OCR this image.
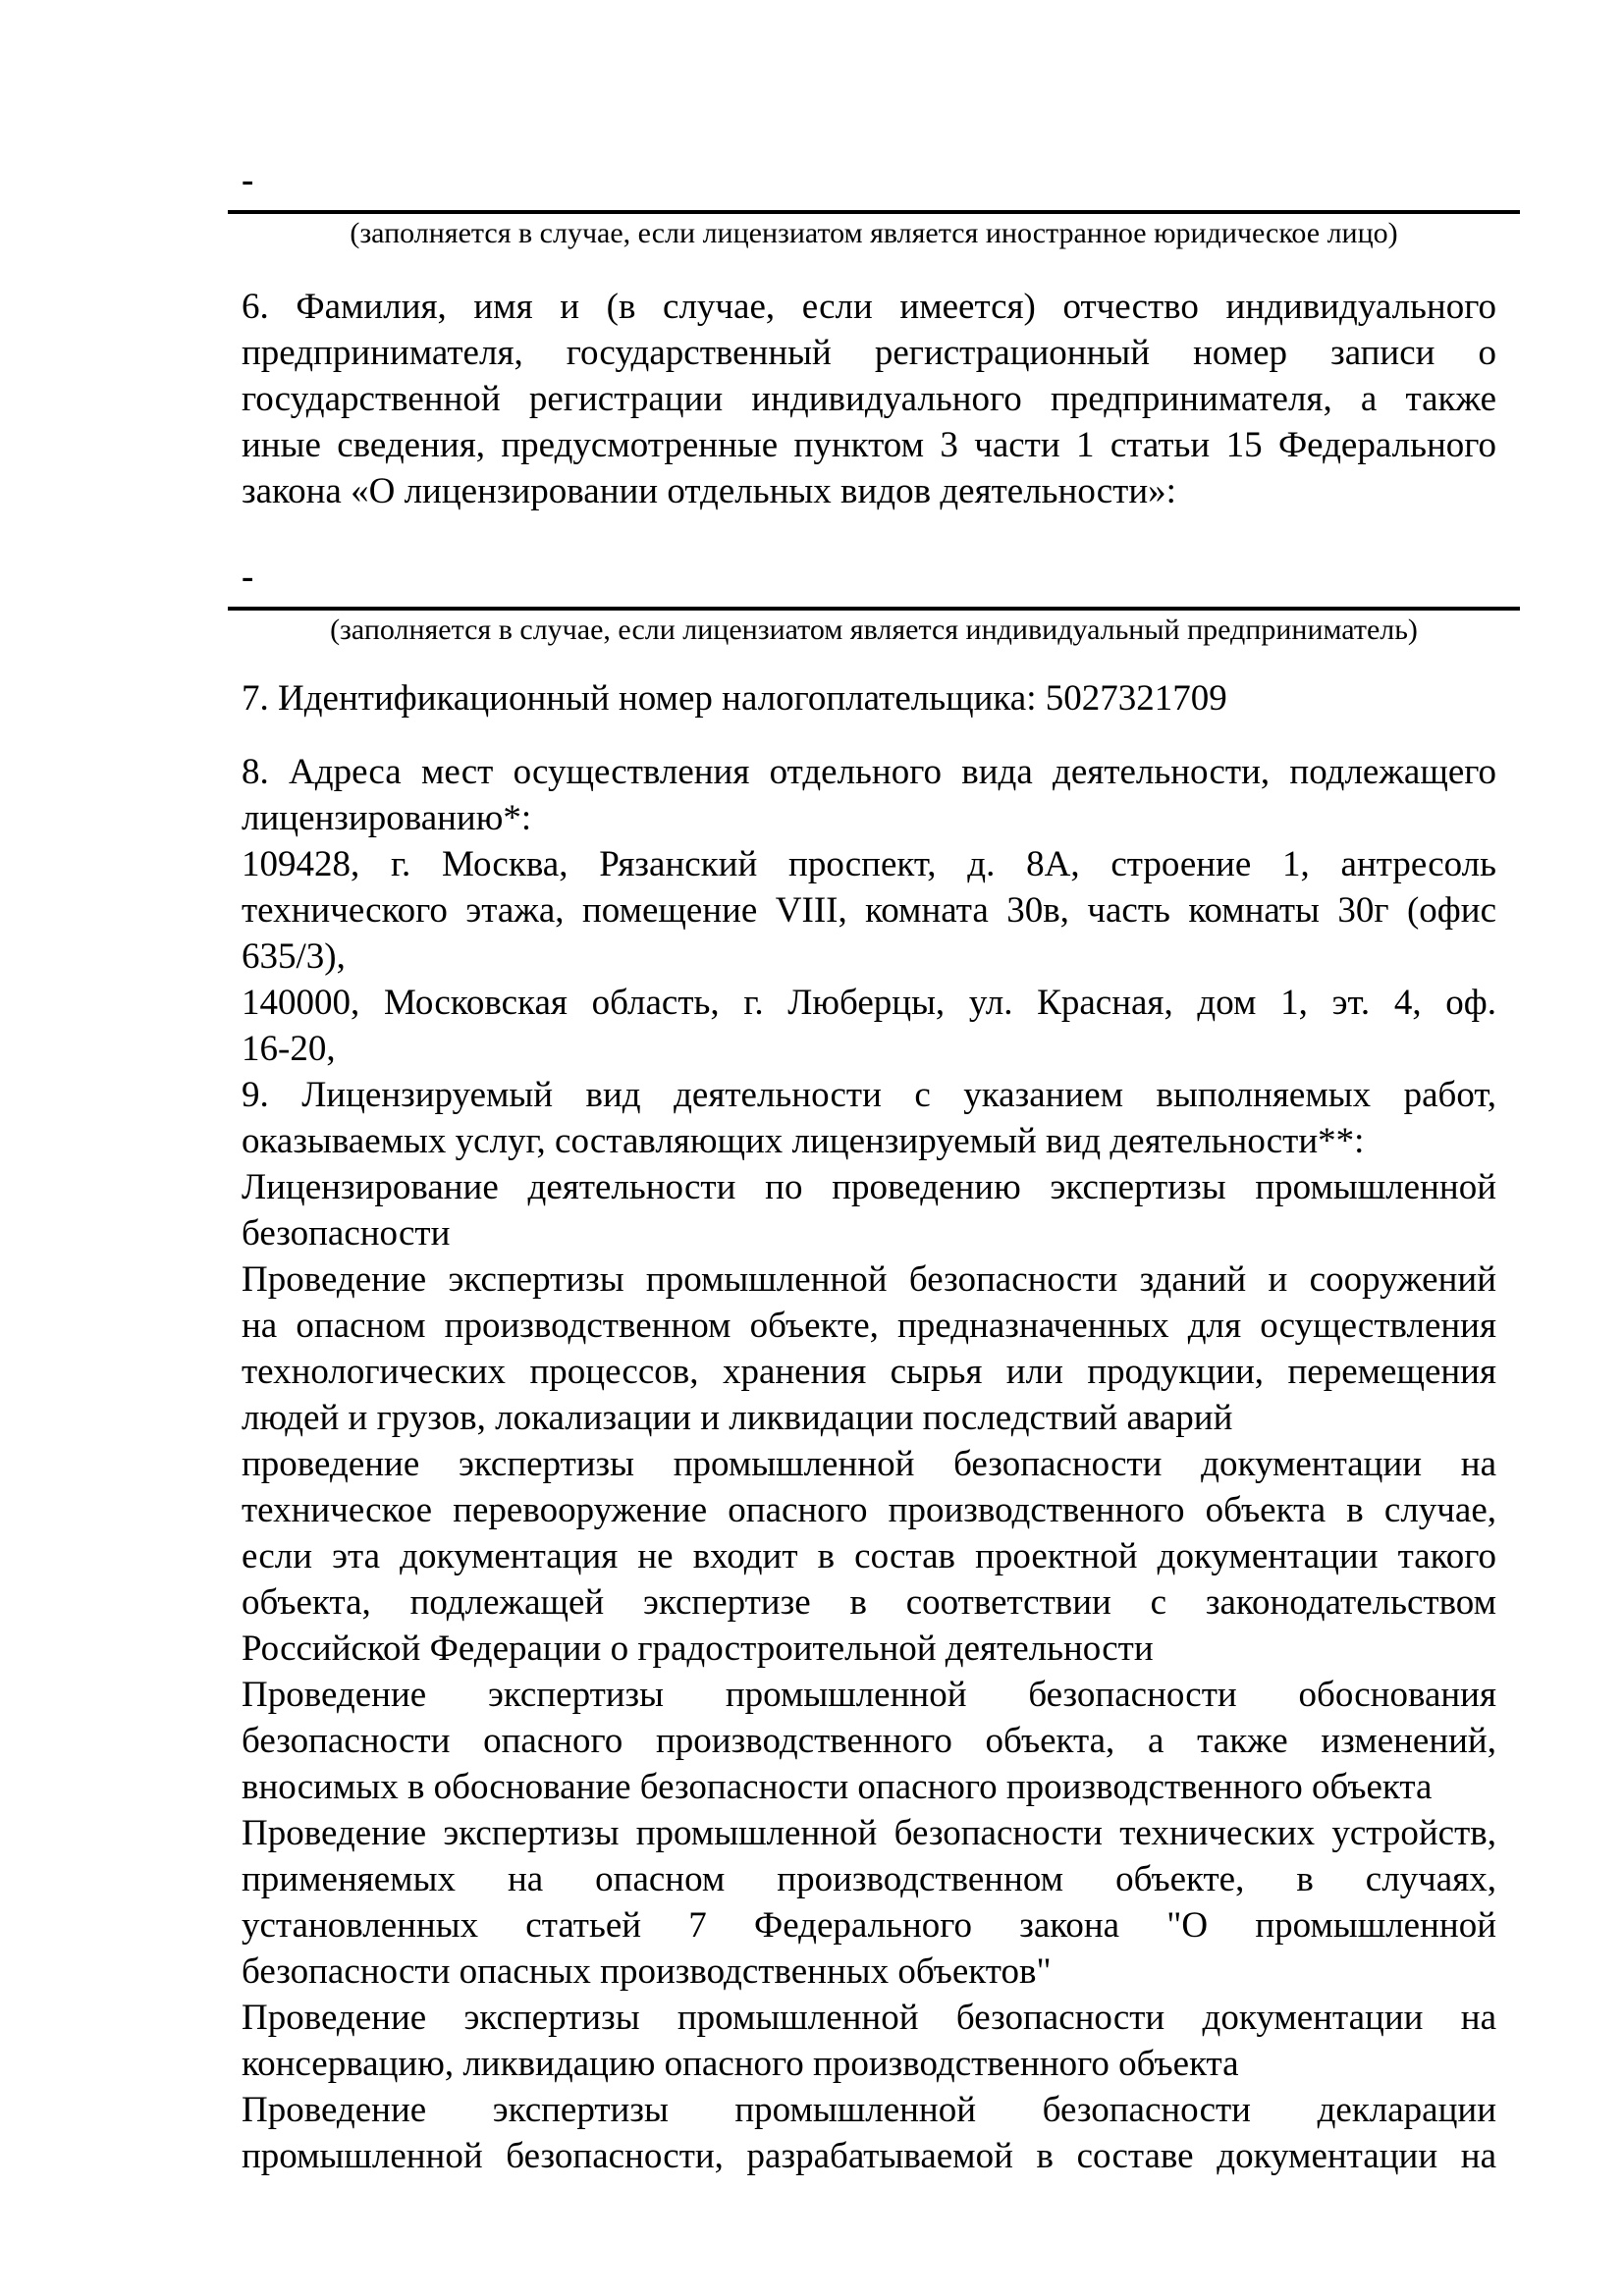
-
(заполняется в случае, если лицензиатом является иностранное юридическое лицо)
6. Фамилия, имя и (в случае, если имеется) отчество индивидуального
предпринимателя, государственный регистрационный номер записи о
государственной регистрации индивидуального предпринимателя, а также
иные сведения, предусмотренные пунктом 3 части 1 статьи 15 Федерального
закона «О лицензировании отдельных видов деятельности»:
-
(заполняется в случае, если лицензиатом является индивидуальный предприниматель)
7. Идентификационный номер налогоплательщика: 5027321709
8. Адреса мест осуществления отдельного вида деятельности, подлежащего
лицензированию*:
109428, г. Москва, Рязанский проспект, д. 8А, строение 1, антресоль
технического этажа, помещение VIII, комната 30в, часть комнаты 30г (офис
635/3),
140000, Московская область, г. Люберцы, ул. Красная, дом 1, эт. 4, оф.
16-20,
9. Лицензируемый вид деятельности с указанием выполняемых работ,
оказываемых услуг, составляющих лицензируемый вид деятельности**:
Лицензирование деятельности по проведению экспертизы промышленной
безопасности
Проведение экспертизы промышленной безопасности зданий и сооружений
на опасном производственном объекте, предназначенных для осуществления
технологических процессов, хранения сырья или продукции, перемещения
людей и грузов, локализации и ликвидации последствий аварий
проведение экспертизы промышленной безопасности документации на
техническое перевооружение опасного производственного объекта в случае,
если эта документация не входит в состав проектной документации такого
объекта, подлежащей экспертизе в соответствии с законодательством
Российской Федерации о градостроительной деятельности
Проведение экспертизы промышленной безопасности обоснования
безопасности опасного производственного объекта, а также изменений,
вносимых в обоснование безопасности опасного производственного объекта
Проведение экспертизы промышленной безопасности технических устройств,
применяемых на опасном производственном объекте, в случаях,
установленных статьей 7 Федерального закона "О промышленной
безопасности опасных производственных объектов"
Проведение экспертизы промышленной безопасности документации на
консервацию, ликвидацию опасного производственного объекта
Проведение экспертизы промышленной безопасности декларации
промышленной безопасности, разрабатываемой в составе документации на
